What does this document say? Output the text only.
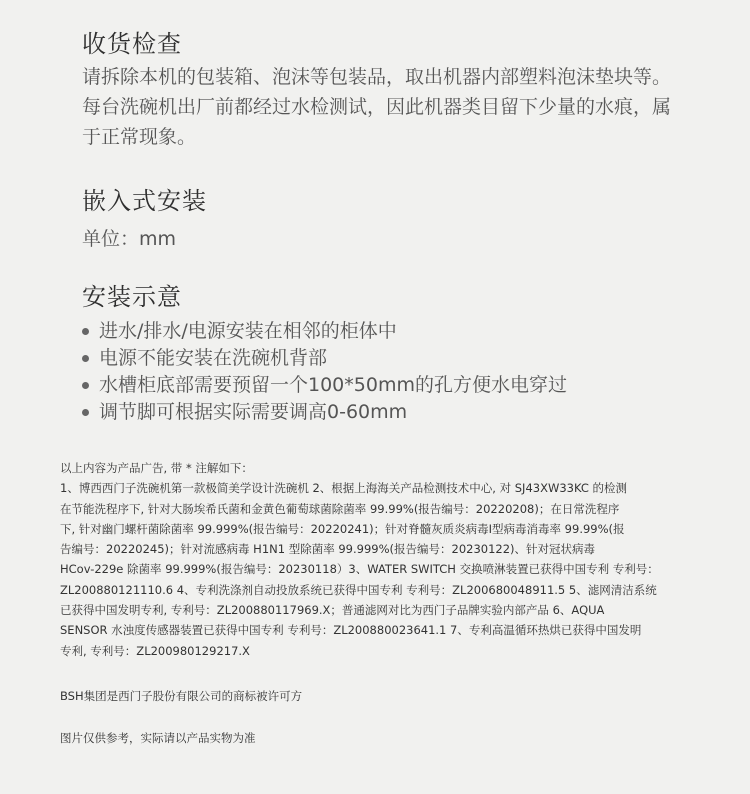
收货检查

请拆除本机的包装箱、泡沫等包装品，取出机器内部塑料泡沫垫块等。每台洗碗机出厂前都经过水检测试，因此机器类目留下少量的水痕，属于正常现象。

嵌入式安装

单位：mm

安装示意
进水/排水/电源安装在相邻的柜体中
电源不能安装在洗碗机背部
水槽柜底部需要预留一个100*50mm的孔方便水电穿过
调节脚可根据实际需要调高0-60mm
以上内容为产品广告, 带 * 注解如下：
1、博西西门子洗碗机第一款极简美学设计洗碗机 2、根据上海海关产品检测技术中心, 对 SJ43XW33KC 的检测
在节能洗程序下, 针对大肠埃希氏菌和金黄色葡萄球菌除菌率 99.99%(报告编号：20220208)；在日常洗程序
下, 针对幽门螺杆菌除菌率 99.999%(报告编号：20220241)；针对脊髓灰质炎病毒I型病毒消毒率 99.99%(报
告编号：20220245)；针对流感病毒 H1N1 型除菌率 99.999%(报告编号：20230122)、针对冠状病毒
HCov-229e 除菌率 99.999%(报告编号：20230118）3、WATER SWITCH 交换喷淋装置已获得中国专利 专利号：
ZL200880121110.6 4、专利洗涤剂自动投放系统已获得中国专利 专利号：ZL200680048911.5 5、滤网清洁系统
已获得中国发明专利, 专利号：ZL200880117969.X；普通滤网对比为西门子品牌实验内部产品 6、AQUA
SENSOR 水浊度传感器装置已获得中国专利 专利号：ZL200880023641.1 7、专利高温循环热烘已获得中国发明
专利, 专利号：ZL200980129217.X

BSH集团是西门子股份有限公司的商标被许可方

图片仅供参考，实际请以产品实物为准
